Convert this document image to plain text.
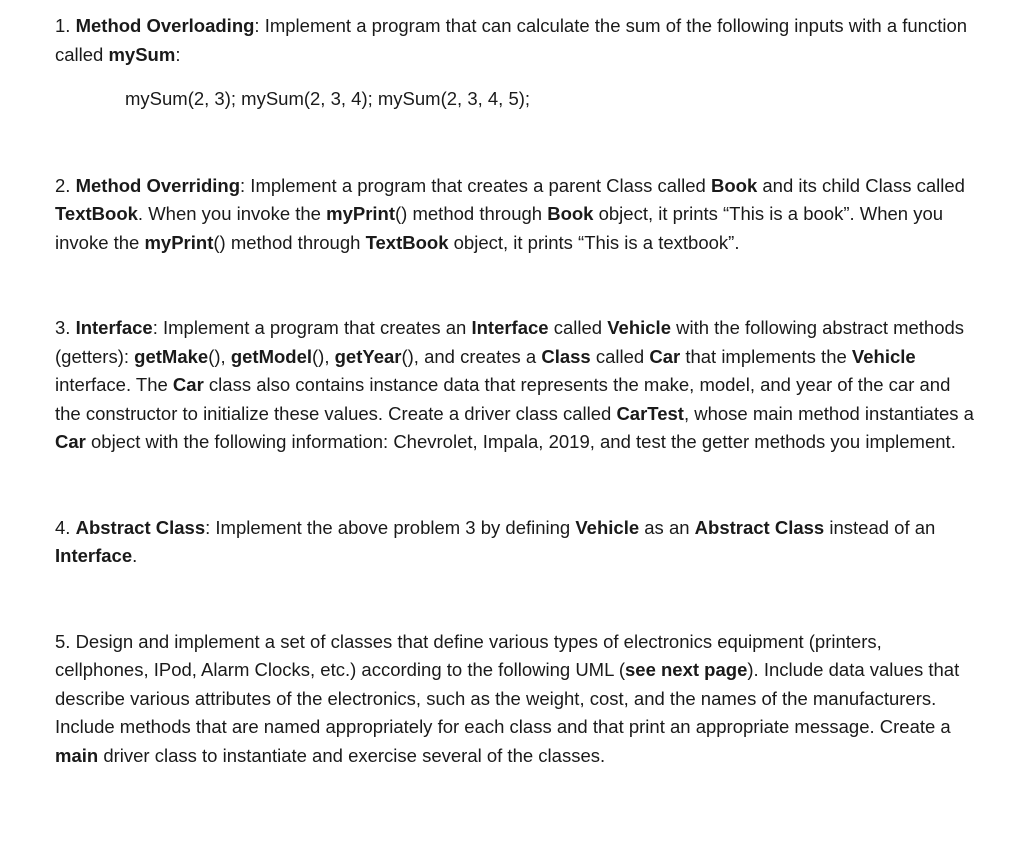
1. Method Overloading: Implement a program that can calculate the sum of the following inputs with a function called mySum:

mySum(2, 3); mySum(2, 3, 4); mySum(2, 3, 4, 5);

2. Method Overriding: Implement a program that creates a parent Class called Book and its child Class called TextBook. When you invoke the myPrint() method through Book object, it prints “This is a book”. When you invoke the myPrint() method through TextBook object, it prints “This is a textbook”.

3. Interface: Implement a program that creates an Interface called Vehicle with the following abstract methods (getters): getMake(), getModel(), getYear(), and creates a Class called Car that implements the Vehicle interface. The Car class also contains instance data that represents the make, model, and year of the car and the constructor to initialize these values. Create a driver class called CarTest, whose main method instantiates a Car object with the following information: Chevrolet, Impala, 2019, and test the getter methods you implement.

4. Abstract Class: Implement the above problem 3 by defining Vehicle as an Abstract Class instead of an Interface.

5. Design and implement a set of classes that define various types of electronics equipment (printers, cellphones, IPod, Alarm Clocks, etc.) according to the following UML (see next page). Include data values that describe various attributes of the electronics, such as the weight, cost, and the names of the manufacturers. Include methods that are named appropriately for each class and that print an appropriate message. Create a main driver class to instantiate and exercise several of the classes.
